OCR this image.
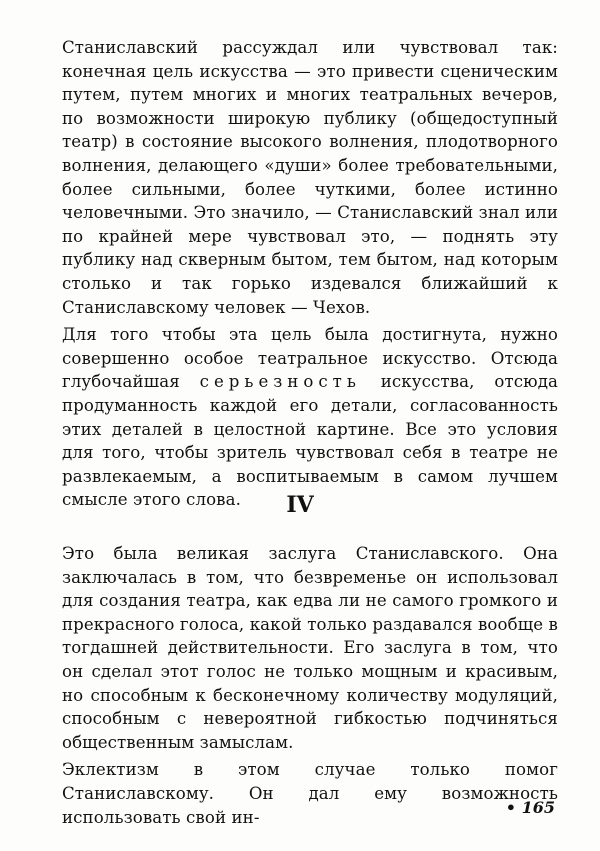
Станиславский рассуждал или чувствовал так: конечная цель искусства — это привести сценическим путем, путем многих и многих театральных вечеров, по возможности широкую публику (общедоступный театр) в состояние высокого волнения, плодотворного волнения, делающего «души» более требовательными, более сильными, более чуткими, более истинно человечными. Это значило, — Станиславский знал или по крайней мере чувствовал это, — поднять эту публику над скверным бытом, тем бытом, над которым столько и так горько издевался ближайший к Станиславскому человек — Чехов.

Для того чтобы эта цель была достигнута, нужно совершенно особое театральное искусство. Отсюда глубочайшая серьезность искусства, отсюда продуманность каждой его детали, согласованность этих деталей в целостной картине. Все это условия для того, чтобы зритель чувствовал себя в театре не развлекаемым, а воспитываемым в самом лучшем смысле этого слова.	IV

Это была великая заслуга Станиславского. Она заключалась в том, что безвременье он использовал для создания театра, как едва ли не самого громкого и прекрасного голоса, какой только раздавался вообще в тогдашней действительности. Его заслуга в том, что он сделал этот голос не только мощным и красивым, но способным к бесконечному количеству модуляций, способным с невероятной гибкостью подчиняться общественным замыслам.

Эклектизм в этом случае только помог Станиславскому. Он дал ему возможность использовать свой ин-

• 165
